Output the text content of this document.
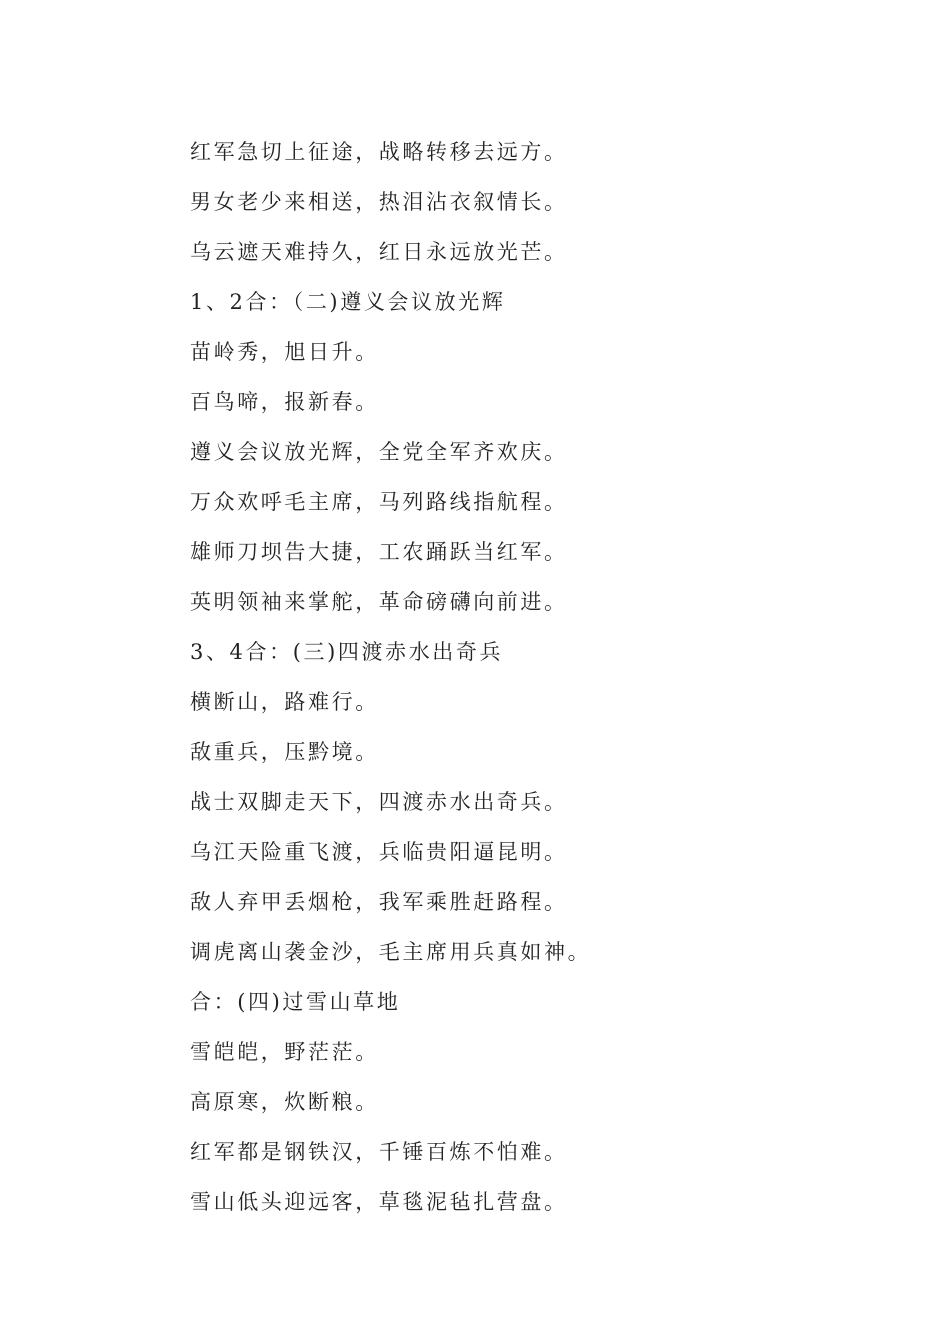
红军急切上征途，战略转移去远方。
男女老少来相送，热泪沾衣叙情长。
乌云遮天难持久，红日永远放光芒。
1、2合：（二)遵义会议放光辉
苗岭秀，旭日升。
百鸟啼，报新春。
遵义会议放光辉，全党全军齐欢庆。
万众欢呼毛主席，马列路线指航程。
雄师刀坝告大捷，工农踊跃当红军。
英明领袖来掌舵，革命磅礴向前进。
3、4合：(三)四渡赤水出奇兵
横断山，路难行。
敌重兵，压黔境。
战士双脚走天下，四渡赤水出奇兵。
乌江天险重飞渡，兵临贵阳逼昆明。
敌人弃甲丢烟枪，我军乘胜赶路程。
调虎离山袭金沙，毛主席用兵真如神。
合：(四)过雪山草地
雪皑皑，野茫茫。
高原寒，炊断粮。
红军都是钢铁汉，千锤百炼不怕难。
雪山低头迎远客，草毯泥毡扎营盘。
